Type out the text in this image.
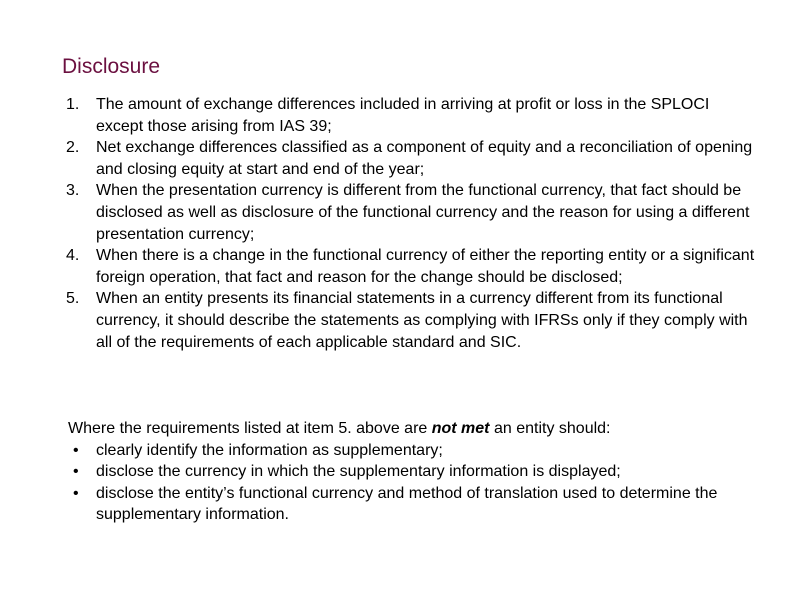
Disclosure
1.	The amount of exchange differences included in arriving at profit or loss in the SPLOCI except those arising from IAS 39;
2.	Net exchange differences classified as a component of equity and a reconciliation of opening and closing equity at start and end of the year;
3.	When the presentation currency is different from the functional currency, that fact should be disclosed as well as disclosure of the functional currency and the reason for using a different presentation currency;
4.	When there is a change in the functional currency of either the reporting entity or a significant foreign operation, that fact and reason for the change should be disclosed;
5.	When an entity presents its financial statements in a currency different from its functional currency, it should describe the statements as complying with IFRSs only if they comply with all of the requirements of each applicable standard and SIC.

Where the requirements listed at item 5. above are not met an entity should:

• clearly identify the information as supplementary;
• disclose the currency in which the supplementary information is displayed;
• disclose the entity’s functional currency and method of translation used to determine the supplementary information.
